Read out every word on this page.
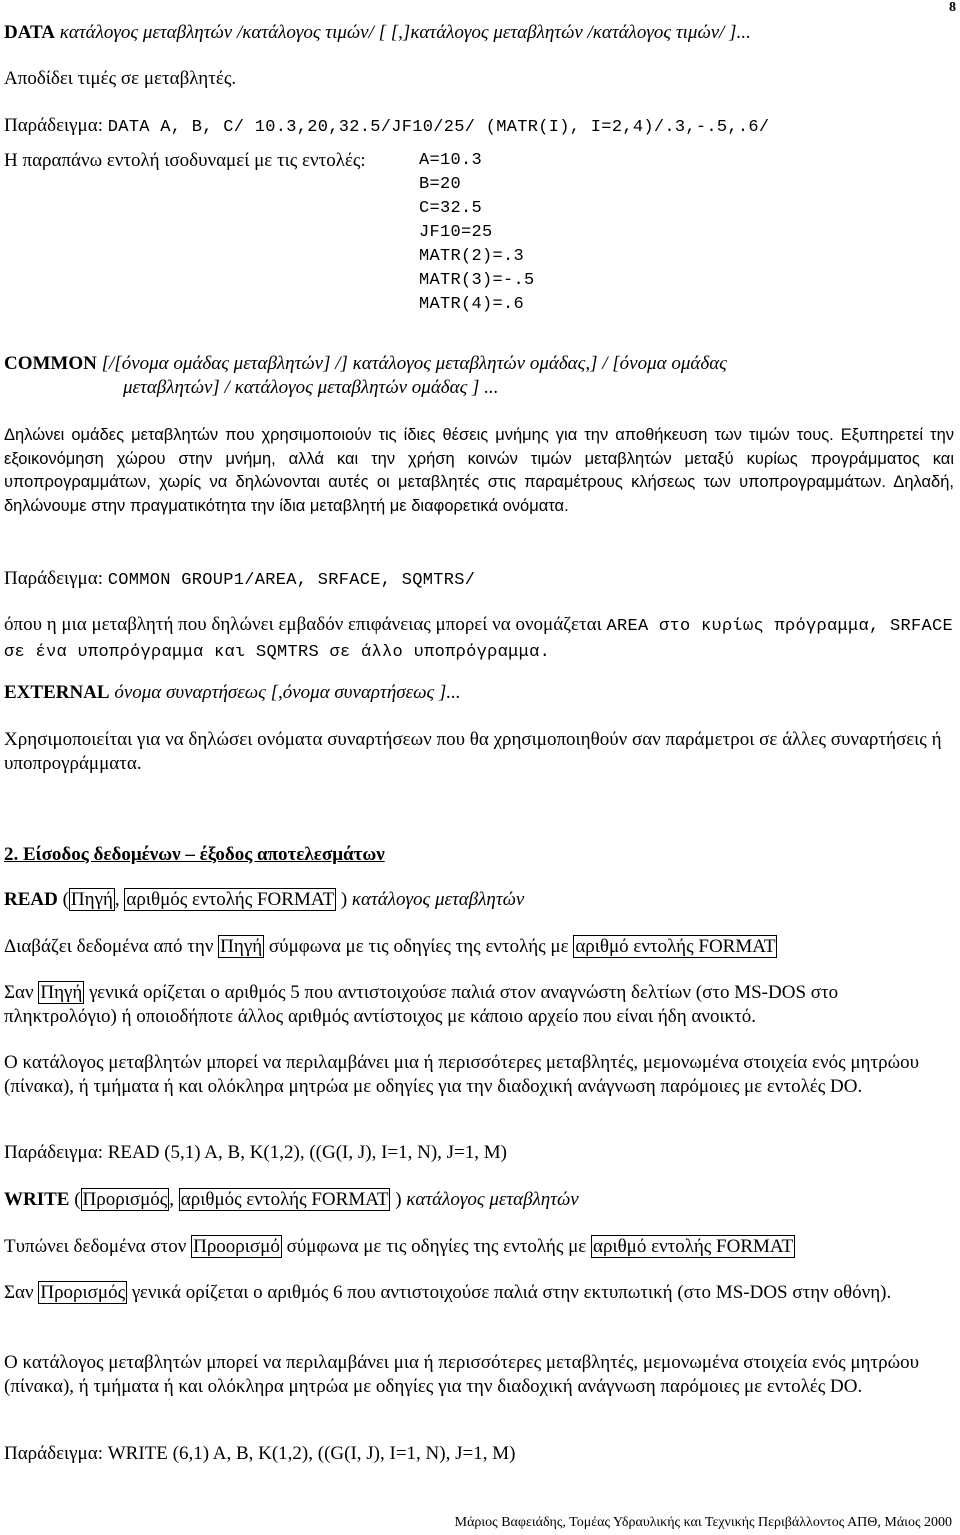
8
DATA κατάλογος μεταβλητών /κατάλογος τιμών/ [ [,]κατάλογος μεταβλητών /κατάλογος τιμών/ ]...
Αποδίδει τιμές σε μεταβλητές.
Παράδειγμα: DATA A, B, C/ 10.3,20,32.5/JF10/25/ (MATR(I), I=2,4)/.3,-.5,.6/
Η παραπάνω εντολή ισοδυναμεί με τις εντολές:	A=10.3
B=20
C=32.5
JF10=25
MATR(2)=.3
MATR(3)=-.5
MATR(4)=.6
COMMON [/[όνομα ομάδας μεταβλητών] /] κατάλογος μεταβλητών ομάδας,] / [όνομα ομάδας
μεταβλητών] / κατάλογος μεταβλητών ομάδας ] ...
Δηλώνει ομάδες μεταβλητών που χρησιμοποιούν τις ίδιες θέσεις μνήμης για την αποθήκευση των τιμών τους. Εξυπηρετεί την εξοικονόμηση χώρου στην μνήμη, αλλά και την χρήση κοινών τιμών μεταβλητών μεταξύ κυρίως προγράμματος και υποπρογραμμάτων, χωρίς να δηλώνονται αυτές οι μεταβλητές στις παραμέτρους κλήσεως των υποπρογραμμάτων. Δηλαδή, δηλώνουμε στην πραγματικότητα την ίδια μεταβλητή με διαφορετικά ονόματα.
Παράδειγμα: COMMON GROUP1/AREA, SRFACE, SQMTRS/
όπου η μια μεταβλητή που δηλώνει εμβαδόν επιφάνειας μπορεί να ονομάζεται AREA στο κυρίως πρόγραμμα, SRFACE σε ένα υποπρόγραμμα και SQMTRS σε άλλο υποπρόγραμμα.
EXTERNAL όνομα συναρτήσεως [,όνομα συναρτήσεως ]...
Χρησιμοποιείται για να δηλώσει ονόματα συναρτήσεων που θα χρησιμοποιηθούν σαν παράμετροι σε άλλες συναρτήσεις ή υποπρογράμματα.
2. Είσοδος δεδομένων – έξοδος αποτελεσμάτων
READ ( Πηγή , αριθμός εντολής FORMAT ) κατάλογος μεταβλητών
Διαβάζει δεδομένα από την Πηγή σύμφωνα με τις οδηγίες της εντολής με αριθμό εντολής FORMAT
Σαν Πηγή γενικά ορίζεται ο αριθμός 5 που αντιστοιχούσε παλιά στον αναγνώστη δελτίων (στο MS-DOS στο πληκτρολόγιο) ή οποιοδήποτε άλλος αριθμός αντίστοιχος με κάποιο αρχείο που είναι ήδη ανοικτό.
Ο κατάλογος μεταβλητών μπορεί να περιλαμβάνει μια ή περισσότερες μεταβλητές, μεμονωμένα στοιχεία ενός μητρώου (πίνακα), ή τμήματα ή και ολόκληρα μητρώα με οδηγίες για την διαδοχική ανάγνωση παρόμοιες με εντολές DO.
Παράδειγμα: READ (5,1) A, B, K(1,2), ((G(I, J), I=1, N), J=1, M)
WRITE ( Προρισμός , αριθμός εντολής FORMAT ) κατάλογος μεταβλητών
Τυπώνει δεδομένα στον Προορισμό σύμφωνα με τις οδηγίες της εντολής με αριθμό εντολής FORMAT
Σαν Προρισμός γενικά ορίζεται ο αριθμός 6 που αντιστοιχούσε παλιά στην εκτυπωτική (στο MS-DOS στην οθόνη).
Ο κατάλογος μεταβλητών μπορεί να περιλαμβάνει μια ή περισσότερες μεταβλητές, μεμονωμένα στοιχεία ενός μητρώου (πίνακα), ή τμήματα ή και ολόκληρα μητρώα με οδηγίες για την διαδοχική ανάγνωση παρόμοιες με εντολές DO.
Παράδειγμα: WRITE (6,1) A, B, K(1,2), ((G(I, J), I=1, N), J=1, M)
Μάριος Βαφειάδης, Τομέας Υδραυλικής και Τεχνικής Περιβάλλοντος ΑΠΘ, Μάιος 2000
